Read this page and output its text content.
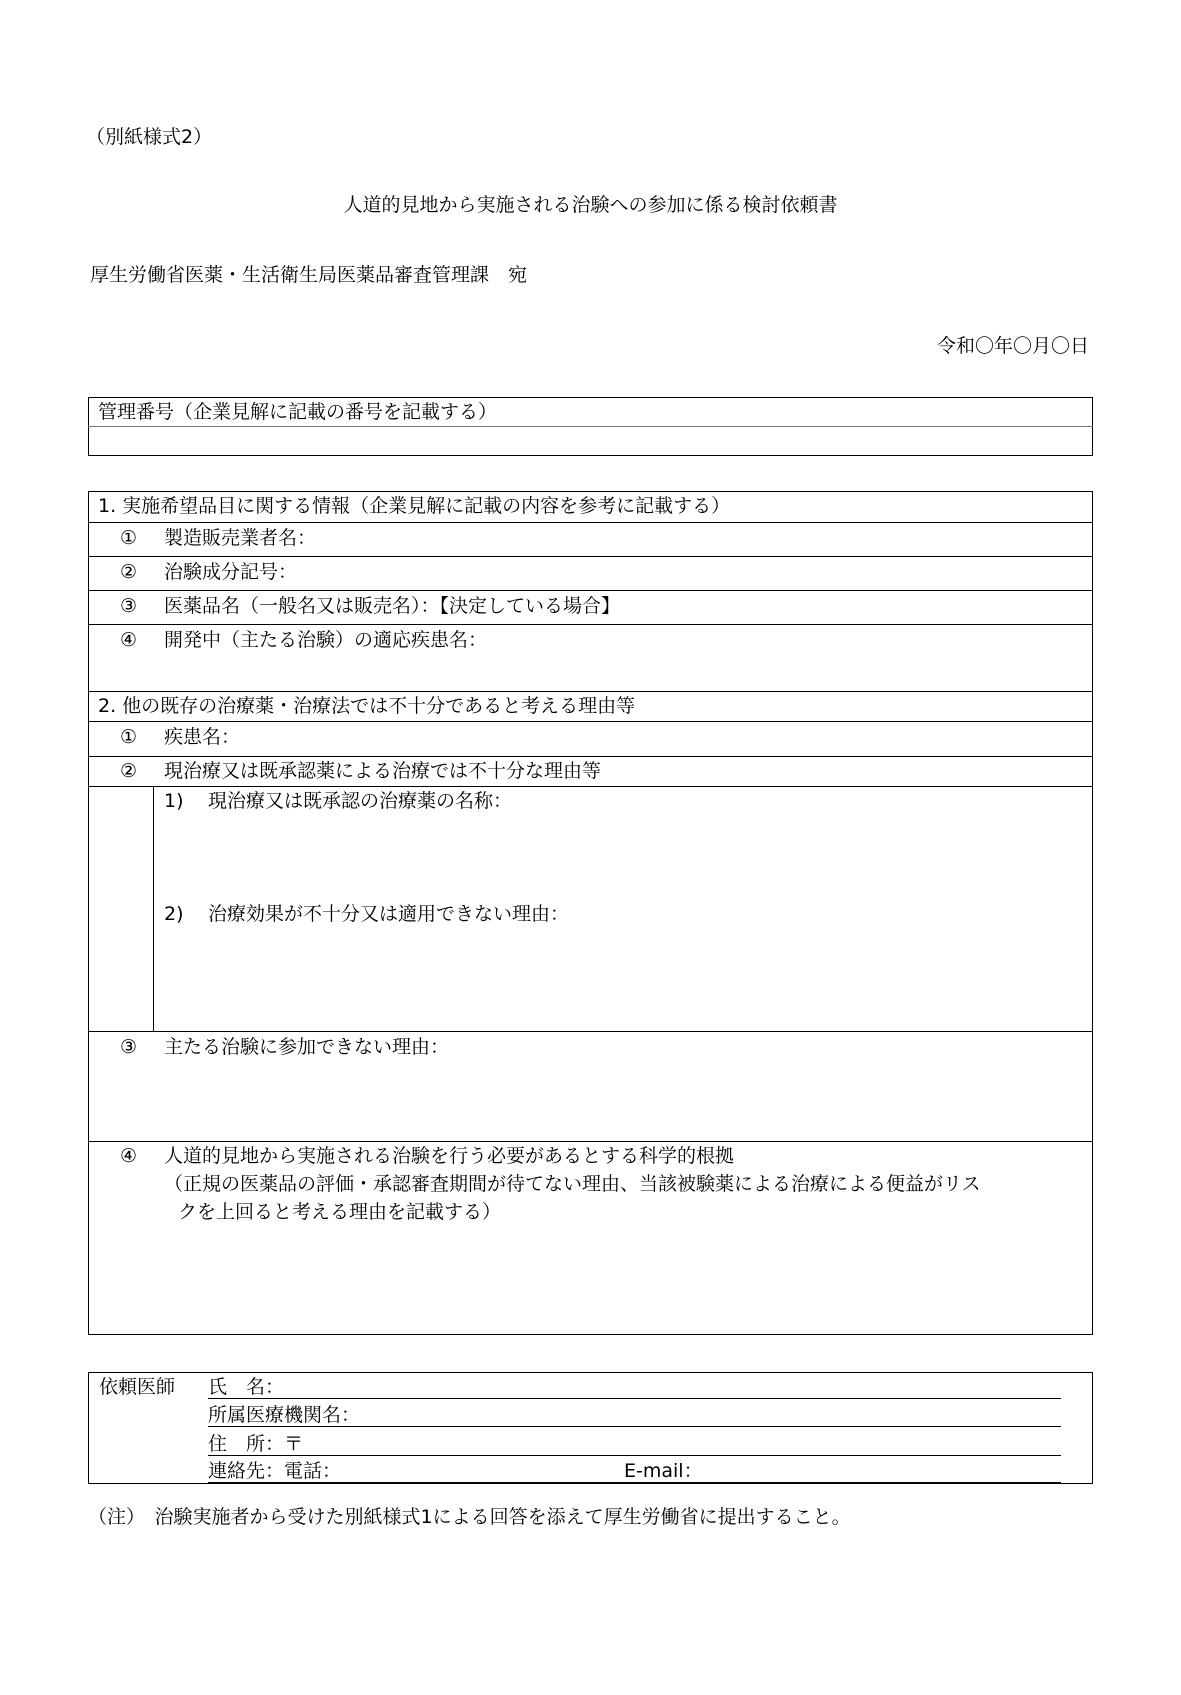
（別紙様式2）
人道的見地から実施される治験への参加に係る検討依頼書
厚生労働省医薬・生活衛生局医薬品審査管理課　宛
令和〇年〇月〇日
管理番号（企業見解に記載の番号を記載する）
1. 実施希望品目に関する情報（企業見解に記載の内容を参考に記載する）
① 製造販売業者名：
② 治験成分記号：
③ 医薬品名（一般名又は販売名）：【決定している場合】
④ 開発中（主たる治験）の適応疾患名：
2. 他の既存の治療薬・治療法では不十分であると考える理由等
① 疾患名：
② 現治療又は既承認薬による治療では不十分な理由等
1) 現治療又は既承認の治療薬の名称：
2) 治療効果が不十分又は適用できない理由：
③ 主たる治験に参加できない理由：
④ 人道的見地から実施される治験を行う必要があるとする科学的根拠
（正規の医薬品の評価・承認審査期間が待てない理由、当該被験薬による治療による便益がリス
クを上回ると考える理由を記載する）
依頼医師 氏　名：
所属医療機関名：
住　所：〒
連絡先：電話：	E-mail：
（注）　治験実施者から受けた別紙様式1による回答を添えて厚生労働省に提出すること。
